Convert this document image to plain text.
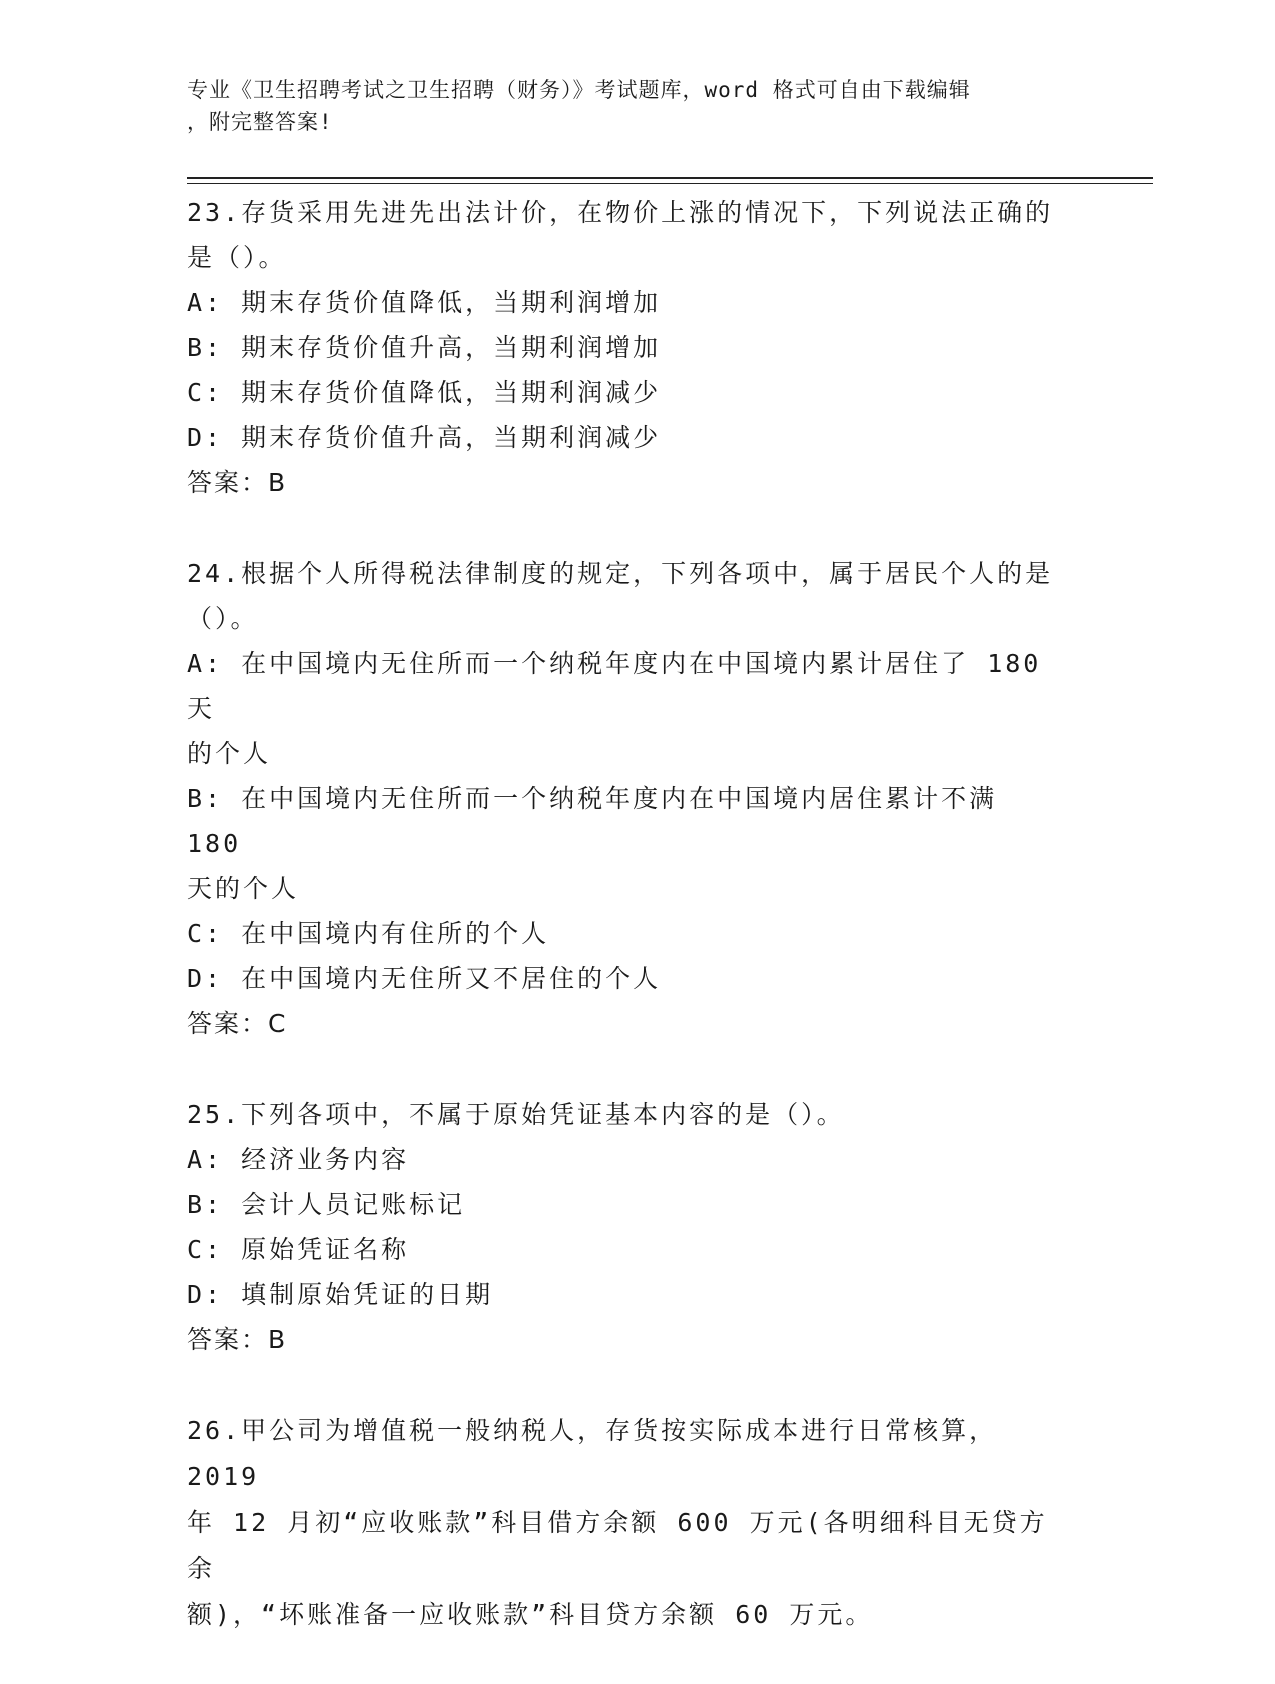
专业《卫生招聘考试之卫生招聘（财务）》考试题库，word 格式可自由下载编辑
，附完整答案!

23.存货采用先进先出法计价，在物价上涨的情况下，下列说法正确的

是（）。

A: 期末存货价值降低，当期利润增加

B: 期末存货价值升高，当期利润增加

C: 期末存货价值降低，当期利润减少

D: 期末存货价值升高，当期利润减少

答案：B

24.根据个人所得税法律制度的规定，下列各项中，属于居民个人的是

（）。

A: 在中国境内无住所而一个纳税年度内在中国境内累计居住了 180 天

的个人

B: 在中国境内无住所而一个纳税年度内在中国境内居住累计不满 180

天的个人

C: 在中国境内有住所的个人

D: 在中国境内无住所又不居住的个人

答案：C

25.下列各项中，不属于原始凭证基本内容的是（）。

A: 经济业务内容

B: 会计人员记账标记

C: 原始凭证名称

D: 填制原始凭证的日期

答案：B

26.甲公司为增值税一般纳税人，存货按实际成本进行日常核算，2019

年 12 月初“应收账款”科目借方余额 600 万元(各明细科目无贷方余

额)，“坏账准备一应收账款”科目贷方余额 60 万元。
